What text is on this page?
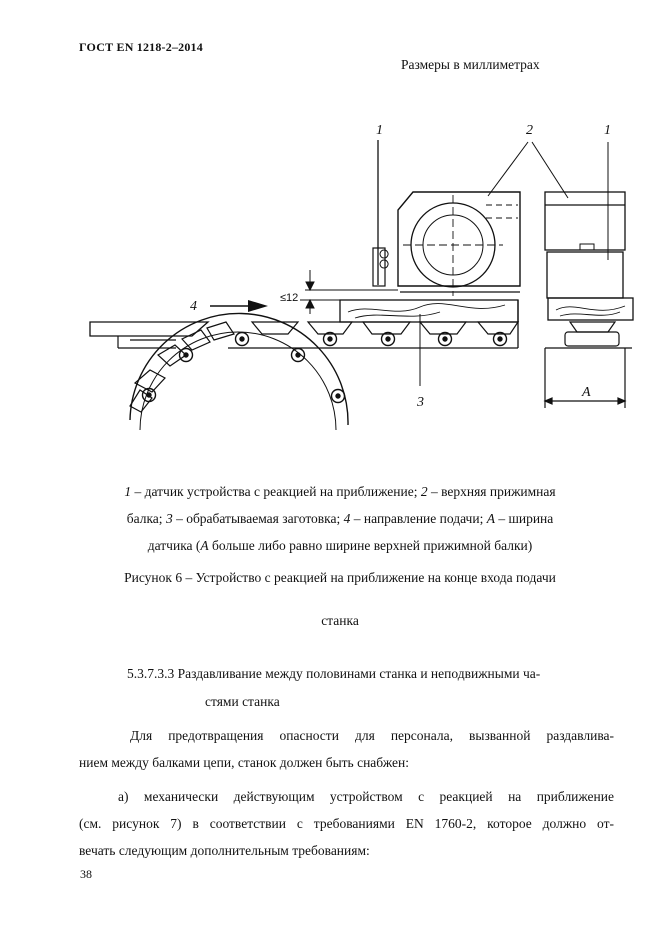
ГОСТ EN 1218-2–2014
Размеры в миллиметрах
1	2	1
4
3
≤12
A
1 – датчик устройства с реакцией на приближение; 2 – верхняя прижимная
балка; 3 – обрабатываемая заготовка; 4 – направление подачи; A – ширина
датчика (A больше либо равно ширине верхней прижимной балки)
Рисунок 6 – Устройство с реакцией на приближение на конце входа подачи
станка
5.3.7.3.3 Раздавливание между половинами станка и неподвижными ча-
стями станка
Для предотвращения опасности для персонала, вызванной раздавлива-
нием между балками цепи, станок должен быть снабжен:
а) механически действующим устройством с реакцией на приближение
(см. рисунок 7) в соответствии с требованиями EN 1760-2, которое должно от-
вечать следующим дополнительным требованиям:
38
